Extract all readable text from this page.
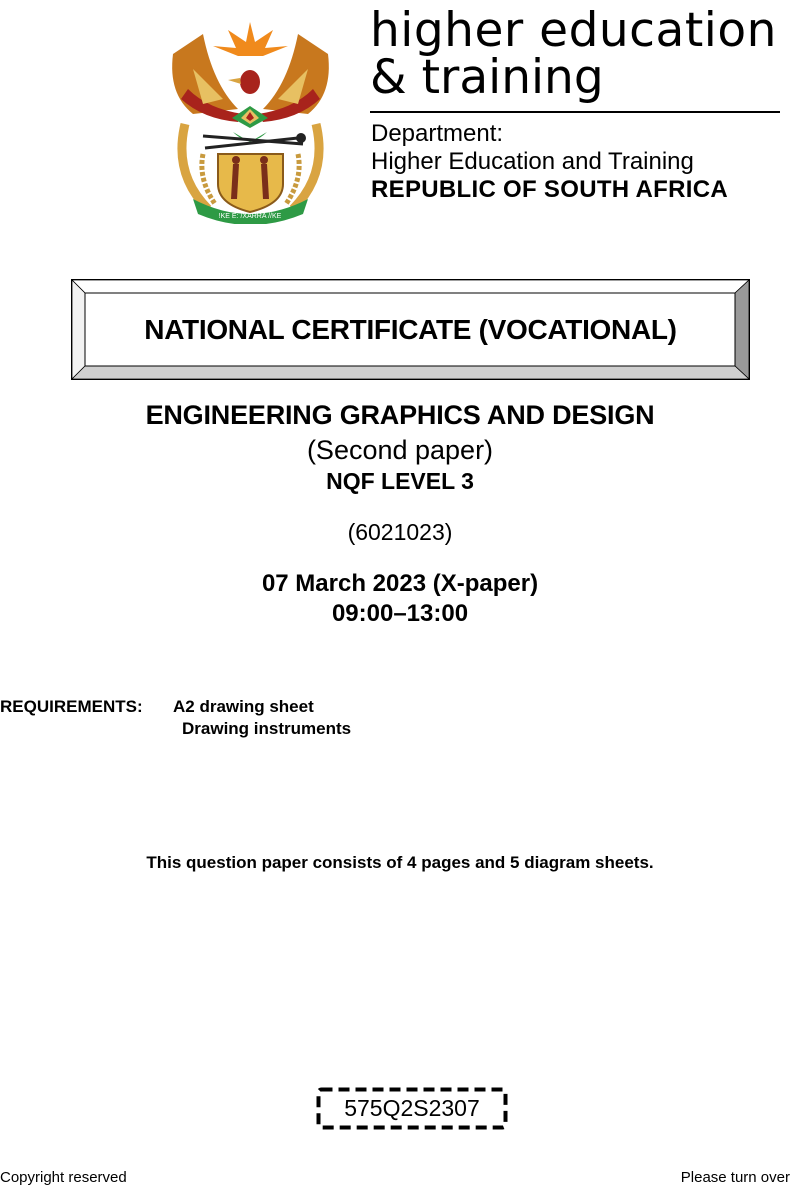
!KE E: /XARRA //KE
higher education
& training
Department:
Higher Education and Training
REPUBLIC OF SOUTH AFRICA
NATIONAL CERTIFICATE (VOCATIONAL)
ENGINEERING GRAPHICS AND DESIGN
(Second paper)
NQF LEVEL 3
(6021023)
07 March 2023 (X-paper)
09:00–13:00
REQUIREMENTS: A2 drawing sheet
Drawing instruments
This question paper consists of 4 pages and 5 diagram sheets.
575Q2S2307
Copyright reserved	Please turn over
